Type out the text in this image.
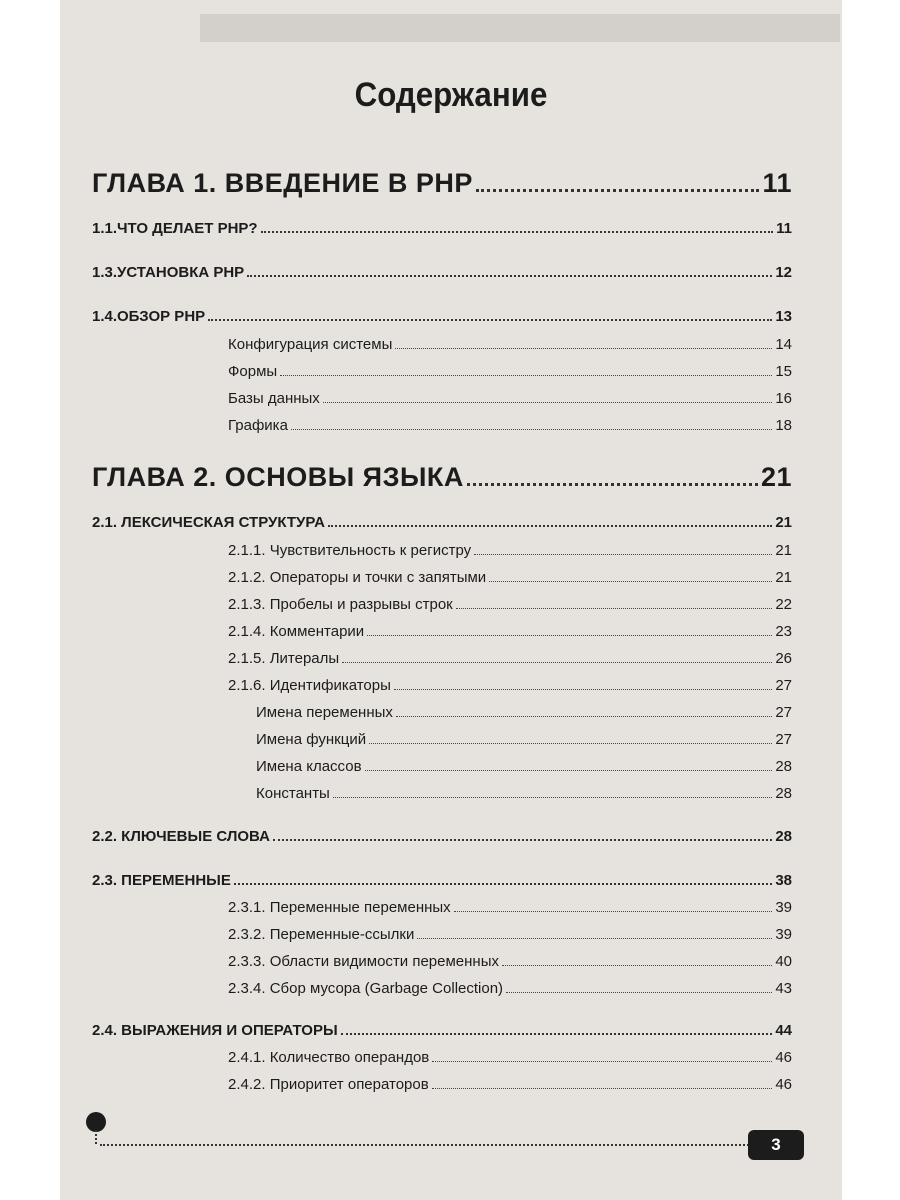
Содержание
ГЛАВА 1. ВВЕДЕНИЕ В PHP	11
1.1.ЧТО ДЕЛАЕТ PHP?	11
1.3.УСТАНОВКА PHP	12
1.4.ОБЗОР PHP	13
Конфигурация системы	14
Формы	15
Базы данных	16
Графика	18
ГЛАВА 2. ОСНОВЫ ЯЗЫКА	21
2.1. ЛЕКСИЧЕСКАЯ СТРУКТУРА	21
2.1.1. Чувствительность к регистру	21
2.1.2. Операторы и точки с запятыми	21
2.1.3. Пробелы и разрывы строк	22
2.1.4. Комментарии	23
2.1.5. Литералы	26
2.1.6. Идентификаторы	27
Имена переменных	27
Имена функций	27
Имена классов	28
Константы	28
2.2. КЛЮЧЕВЫЕ СЛОВА	28
2.3. ПЕРЕМЕННЫЕ	38
2.3.1. Переменные переменных	39
2.3.2. Переменные-ссылки	39
2.3.3. Области видимости переменных	40
2.3.4. Сбор мусора (Garbage Collection)	43
2.4. ВЫРАЖЕНИЯ И ОПЕРАТОРЫ	44
2.4.1. Количество операндов	46
2.4.2. Приоритет операторов	46
3
